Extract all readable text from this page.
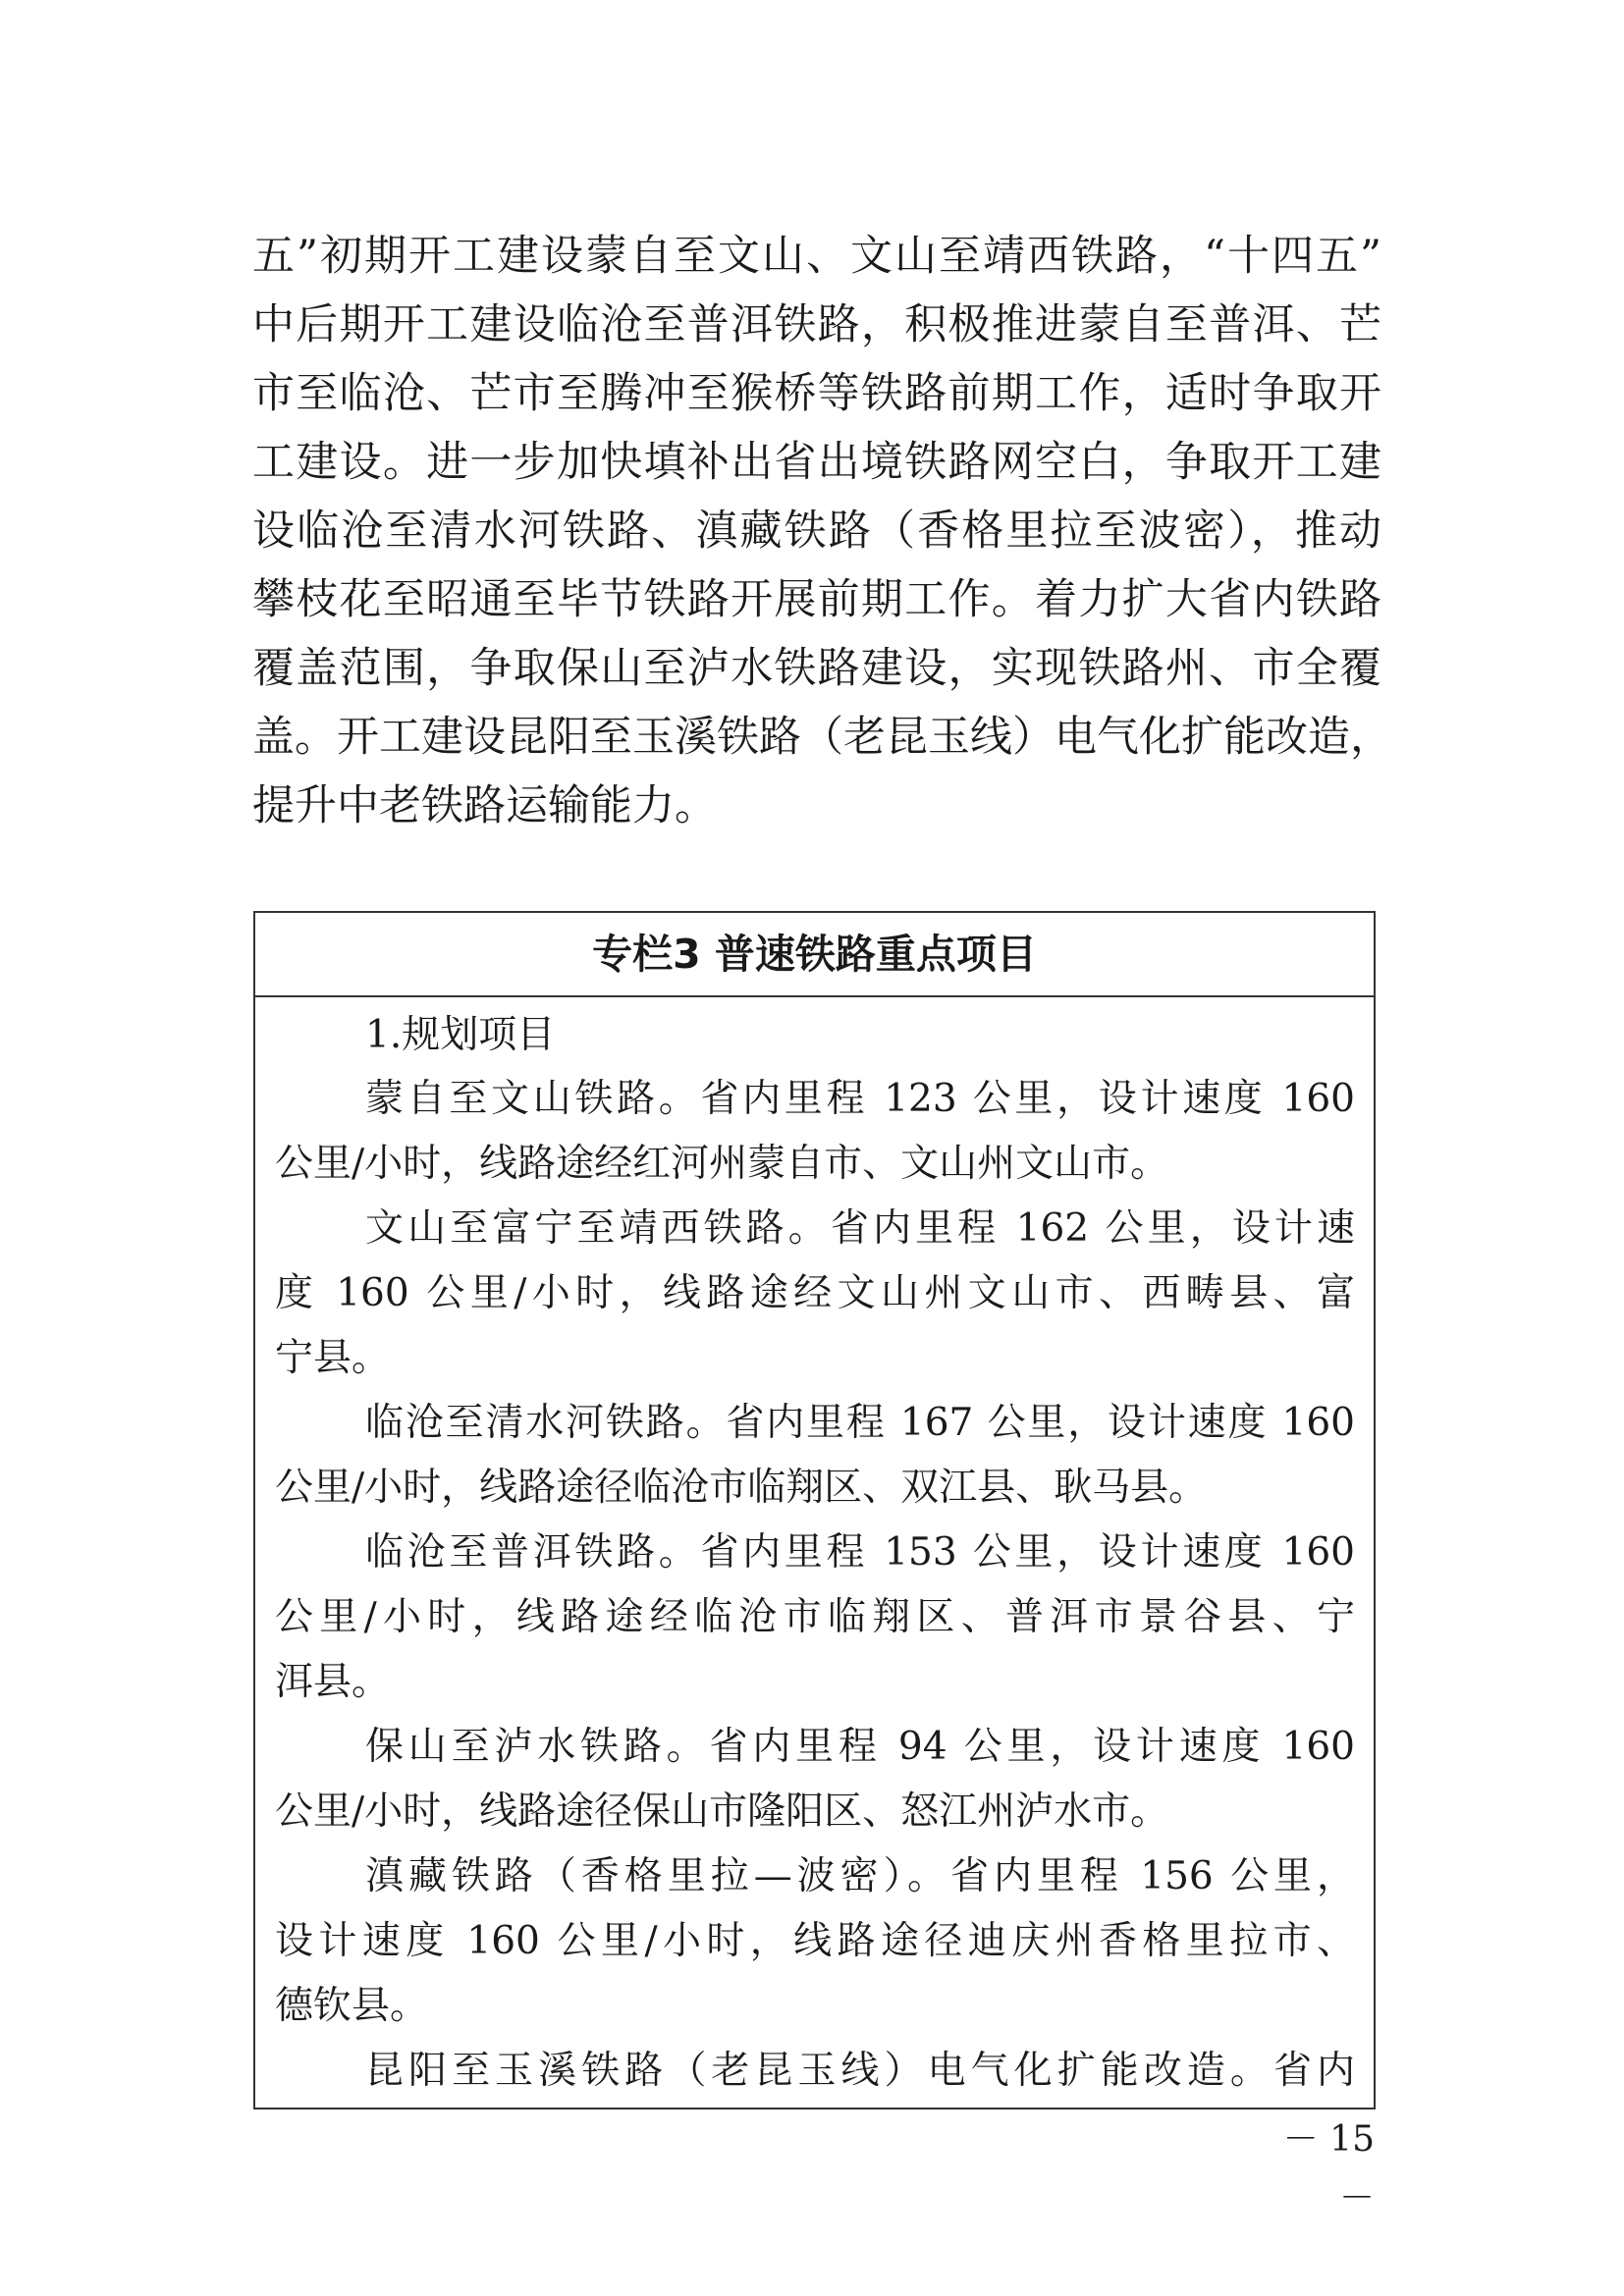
五”初期开工建设蒙自至文山、文山至靖西铁路，“十四五”
中后期开工建设临沧至普洱铁路，积极推进蒙自至普洱、芒
市至临沧、芒市至腾冲至猴桥等铁路前期工作，适时争取开
工建设。进一步加快填补出省出境铁路网空白，争取开工建
设临沧至清水河铁路、滇藏铁路（香格里拉至波密），推动
攀枝花至昭通至毕节铁路开展前期工作。着力扩大省内铁路
覆盖范围，争取保山至泸水铁路建设，实现铁路州、市全覆
盖。开工建设昆阳至玉溪铁路（老昆玉线）电气化扩能改造，
提升中老铁路运输能力。
专栏3 普速铁路重点项目
1.规划项目
蒙自至文山铁路。省内里程 123 公里，设计速度 160
公里/小时，线路途经红河州蒙自市、文山州文山市。
文山至富宁至靖西铁路。省内里程 162 公里，设计速
度 160 公里/小时，线路途经文山州文山市、西畴县、富
宁县。
临沧至清水河铁路。省内里程 167 公里，设计速度 160
公里/小时，线路途径临沧市临翔区、双江县、耿马县。
临沧至普洱铁路。省内里程 153 公里，设计速度 160
公里/小时，线路途经临沧市临翔区、普洱市景谷县、宁
洱县。
保山至泸水铁路。省内里程 94 公里，设计速度 160
公里/小时，线路途径保山市隆阳区、怒江州泸水市。
滇藏铁路（香格里拉—波密）。省内里程 156 公里，
设计速度 160 公里/小时，线路途径迪庆州香格里拉市、
德钦县。
昆阳至玉溪铁路（老昆玉线）电气化扩能改造。省内
－ 15 －
